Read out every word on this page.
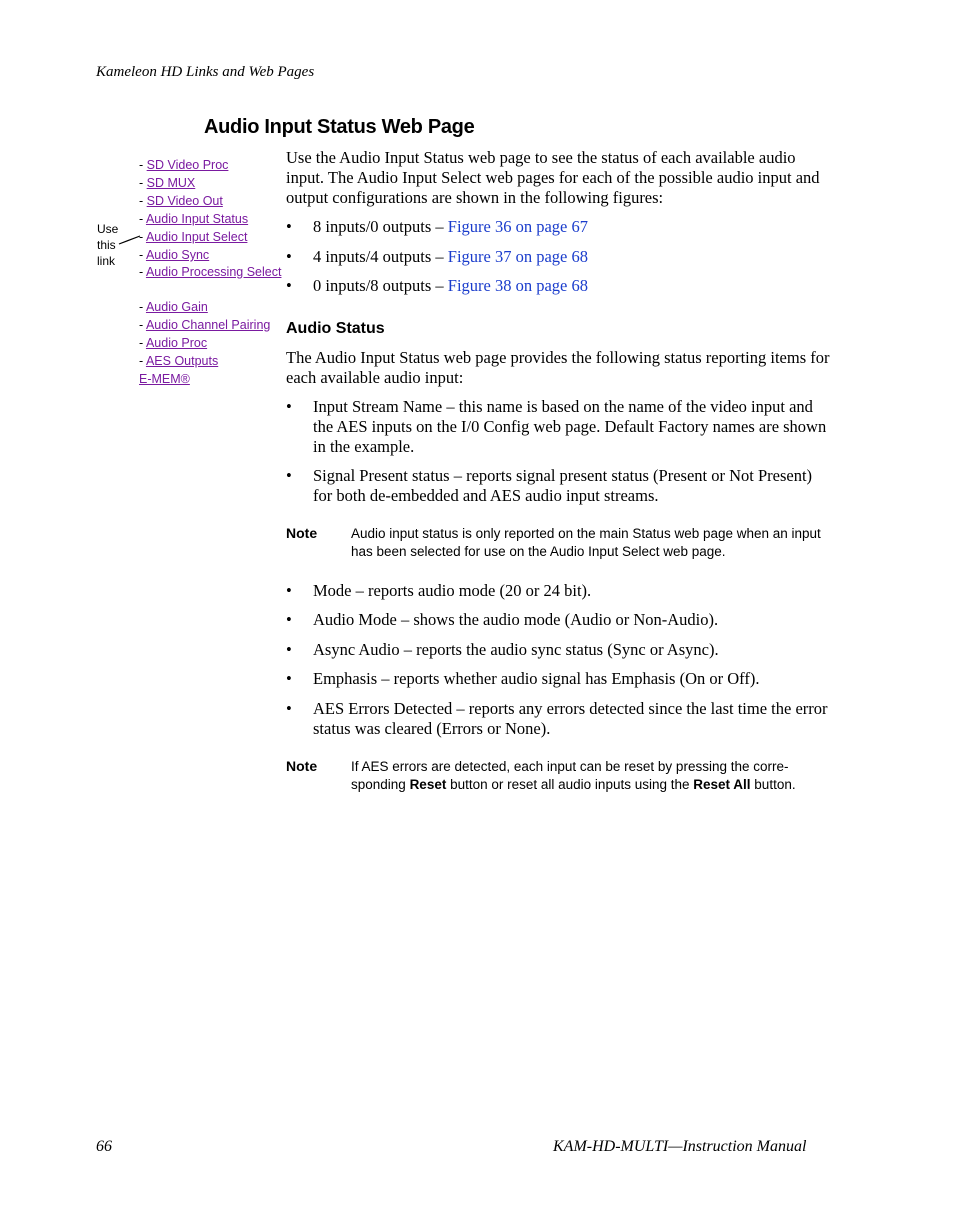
Kameleon HD Links and Web Pages
Audio Input Status Web Page
- SD Video Proc
- SD MUX
- SD Video Out
- Audio Input Status
- Audio Input Select
- Audio Sync
- Audio Processing Select
- Audio Gain
- Audio Channel Pairing
- Audio Proc
- AES Outputs
E-MEM®
Use this link

Use the Audio Input Status web page to see the status of each available audio input. The Audio Input Select web pages for each of the possible audio input and output configurations are shown in the following figures:

• 8 inputs/0 outputs – Figure 36 on page 67
• 4 inputs/4 outputs – Figure 37 on page 68
• 0 inputs/8 outputs – Figure 38 on page 68
Audio Status

The Audio Input Status web page provides the following status reporting items for each available audio input:

• Input Stream Name – this name is based on the name of the video input and the AES inputs on the I/0 Config web page. Default Factory names are shown in the example.
• Signal Present status – reports signal present status (Present or Not Present) for both de-embedded and AES audio input streams.
Note	Audio input status is only reported on the main Status web page when an input has been selected for use on the Audio Input Select web page.
• Mode – reports audio mode (20 or 24 bit).
• Audio Mode – shows the audio mode (Audio or Non-Audio).
• Async Audio – reports the audio sync status (Sync or Async).
• Emphasis – reports whether audio signal has Emphasis (On or Off).
• AES Errors Detected – reports any errors detected since the last time the error status was cleared (Errors or None).
Note	If AES errors are detected, each input can be reset by pressing the corre-sponding Reset button or reset all audio inputs using the Reset All button.
66	KAM-HD-MULTI—Instruction Manual
